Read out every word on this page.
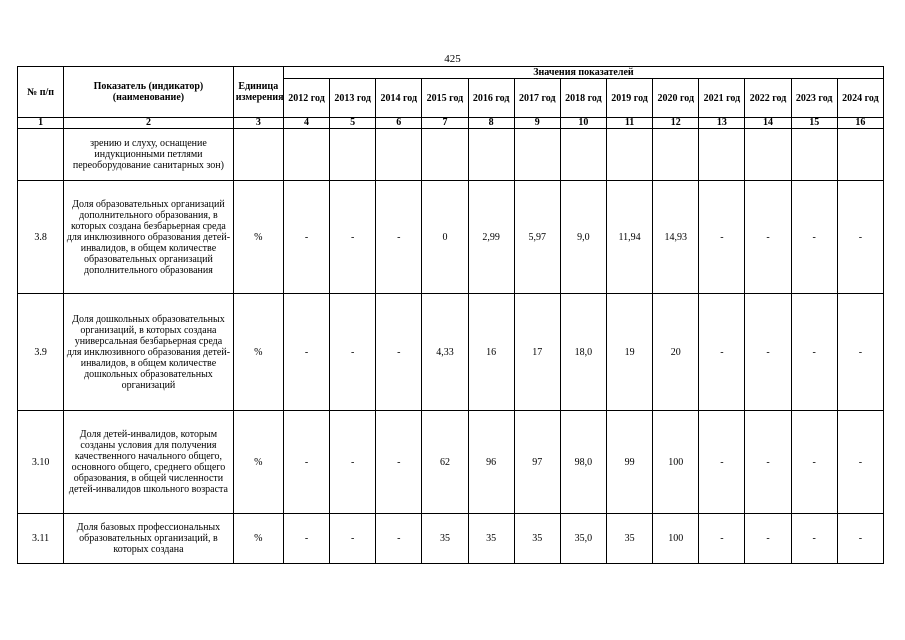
425
№ п/п	Показатель (индикатор) (наименование)	Единица измерения	Значения показателей												
			2012 год	2013 год	2014 год	2015 год	2016 год	2017 год	2018 год	2019 год	2020 год	2021 год	2022 год	2023 год	2024 год
1	2	3	4	5	6	7	8	9	10	11	12	13	14	15	16
	зрению и слуху, оснащение индукционными петлями переоборудование санитарных зон)														
3.8	Доля образовательных организаций дополнительного образования, в которых создана безбарьерная среда для инклюзивного образования детей-инвалидов, в общем количестве образовательных организаций дополнительного образования	%	-	-	-	0	2,99	5,97	9,0	11,94	14,93	-	-	-	-
3.9	Доля дошкольных образовательных организаций, в которых создана универсальная безбарьерная среда для инклюзивного образования детей-инвалидов, в общем количестве дошкольных образовательных организаций	%	-	-	-	4,33	16	17	18,0	19	20	-	-	-	-
3.10	Доля детей-инвалидов, которым созданы условия для получения качественного начального общего, основного общего, среднего общего образования, в общей численности детей-инвалидов школьного возраста	%	-	-	-	62	96	97	98,0	99	100	-	-	-	-
3.11	Доля базовых профессиональных образовательных организаций, в которых создана	%	-	-	-	35	35	35	35,0	35	100	-	-	-	-
